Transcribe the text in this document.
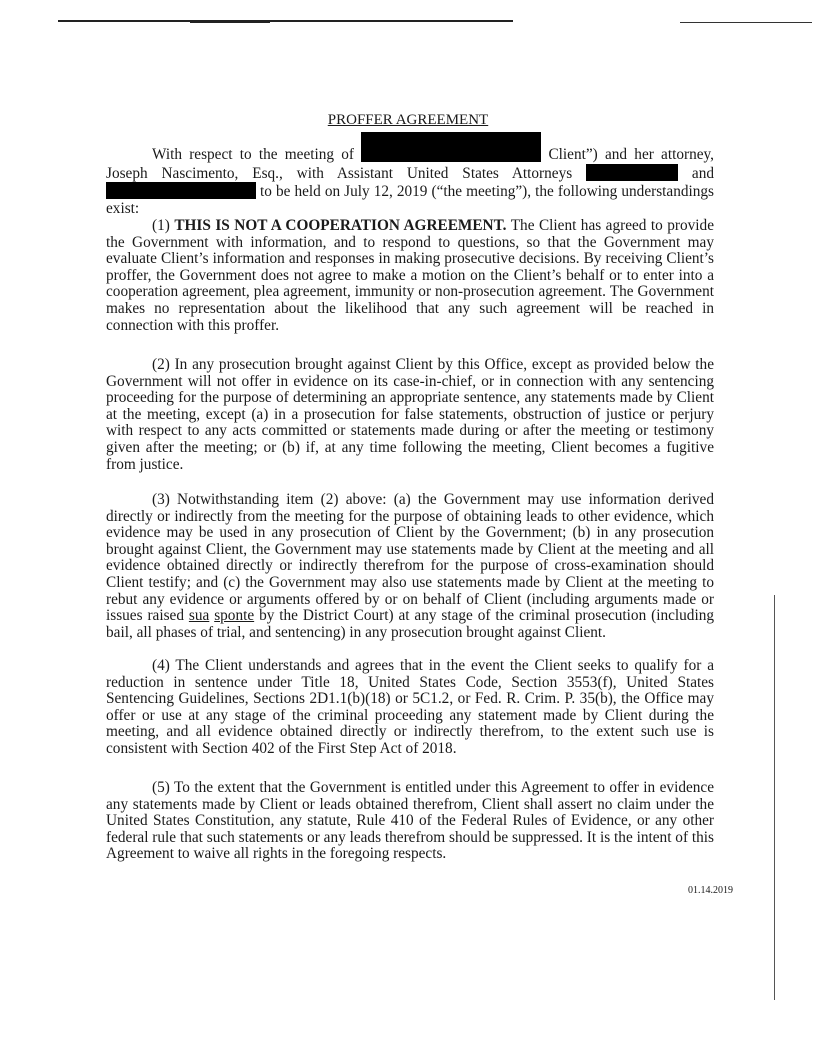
PROFFER AGREEMENT
With respect to the meeting of	Client”) and her attorney, Joseph Nascimento, Esq., with Assistant United States Attorneys	and  to be held on July 12, 2019 (“the meeting”), the following understandings exist:
(1) THIS IS NOT A COOPERATION AGREEMENT. The Client has agreed to provide the Government with information, and to respond to questions, so that the Government may evaluate Client’s information and responses in making prosecutive decisions. By receiving Client’s proffer, the Government does not agree to make a motion on the Client’s behalf or to enter into a cooperation agreement, plea agreement, immunity or non-prosecution agreement. The Government makes no representation about the likelihood that any such agreement will be reached in connection with this proffer.
(2) In any prosecution brought against Client by this Office, except as provided below the Government will not offer in evidence on its case-in-chief, or in connection with any sentencing proceeding for the purpose of determining an appropriate sentence, any statements made by Client at the meeting, except (a) in a prosecution for false statements, obstruction of justice or perjury with respect to any acts committed or statements made during or after the meeting or testimony given after the meeting; or (b) if, at any time following the meeting, Client becomes a fugitive from justice.
(3) Notwithstanding item (2) above: (a) the Government may use information derived directly or indirectly from the meeting for the purpose of obtaining leads to other evidence, which evidence may be used in any prosecution of Client by the Government; (b) in any prosecution brought against Client, the Government may use statements made by Client at the meeting and all evidence obtained directly or indirectly therefrom for the purpose of cross-examination should Client testify; and (c) the Government may also use statements made by Client at the meeting to rebut any evidence or arguments offered by or on behalf of Client (including arguments made or issues raised sua sponte by the District Court) at any stage of the criminal prosecution (including bail, all phases of trial, and sentencing) in any prosecution brought against Client.
(4) The Client understands and agrees that in the event the Client seeks to qualify for a reduction in sentence under Title 18, United States Code, Section 3553(f), United States Sentencing Guidelines, Sections 2D1.1(b)(18) or 5C1.2, or Fed. R. Crim. P. 35(b), the Office may offer or use at any stage of the criminal proceeding any statement made by Client during the meeting, and all evidence obtained directly or indirectly therefrom, to the extent such use is consistent with Section 402 of the First Step Act of 2018.
(5) To the extent that the Government is entitled under this Agreement to offer in evidence any statements made by Client or leads obtained therefrom, Client shall assert no claim under the United States Constitution, any statute, Rule 410 of the Federal Rules of Evidence, or any other federal rule that such statements or any leads therefrom should be suppressed. It is the intent of this Agreement to waive all rights in the foregoing respects.
01.14.2019
